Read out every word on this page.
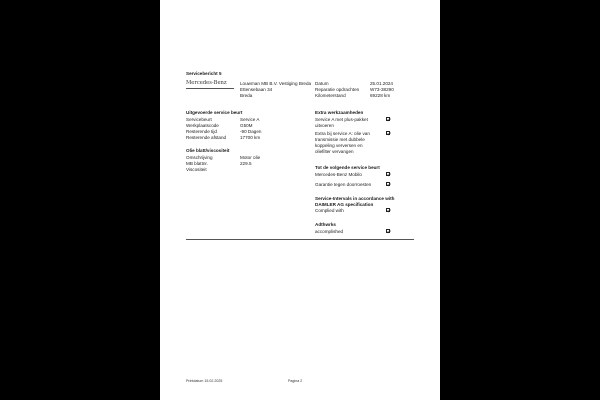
Servicebericht 5
Mercedes-Benz	Louwman MB B.V. Vestiging Breda
Ettensebaan 34
Breda
Datum	25.01.2024
Reparatie opdrachten W73-38290
Kilometerstand	69228 km
Uitgevoerde service beurt
Servicebeurt	Service A
Werkplaatscode	G50M
Resterende tijd	-90 Dagen
Resterende afstand	17700 km
Olie blatt/viscositeit
Omschrijving	Motor olie
MB blattnr.	229.5
Viscositeit
Extra werkzaamheden
Service A met plus-pakket
uitvoeren
Extra bij service A: olie van
transmissie met dubbele
koppeling verversen en
oliefilter vervangen
Tot de volgende service beurt
Mercedes-Benz Mobilo
Garantie tegen doorroesten
Service-Intervals in accordance with
DAIMLER AG specification
Complied with
Adthwrks
accomplished
Printdatum 15.02.2025	Pagina 2
